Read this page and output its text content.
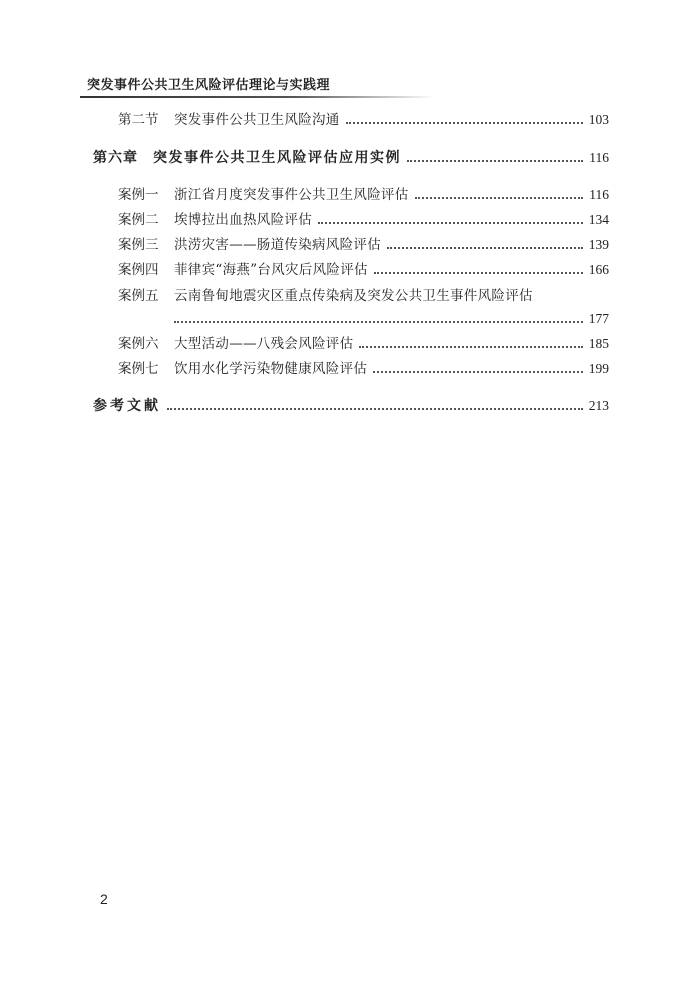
突发事件公共卫生风险评估理论与实践理
第二节	突发事件公共卫生风险沟通	103
第六章	突发事件公共卫生风险评估应用实例	116
案例一	浙江省月度突发事件公共卫生风险评估	116
案例二	埃博拉出血热风险评估	134
案例三	洪涝灾害——肠道传染病风险评估	139
案例四	菲律宾“海燕”台风灾后风险评估	166
案例五 云南鲁甸地震灾区重点传染病及突发公共卫生事件风险评估
177
案例六	大型活动——八残会风险评估	185
案例七	饮用水化学污染物健康风险评估	199
参考文献	213
2
